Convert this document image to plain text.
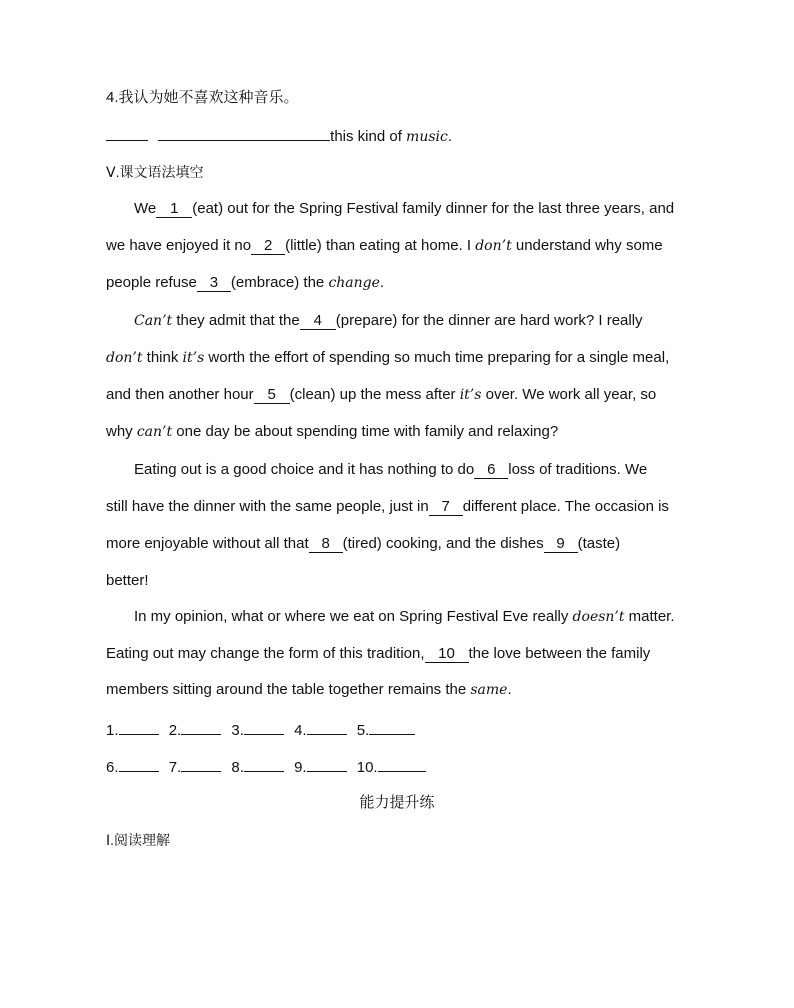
4.我认为她不喜欢这种音乐。
this kind of music.
Ⅴ.课文语法填空
We 1 (eat) out for the Spring Festival family dinner for the last three years, and
we have enjoyed it no 2 (little) than eating at home. I don’t understand why some
people refuse 3 (embrace) the change.
Can’t they admit that the 4 (prepare) for the dinner are hard work? I really
don’t think it’s worth the effort of spending so much time preparing for a single meal,
and then another hour 5 (clean) up the mess after it’s over. We work all year, so
why can’t one day be about spending time with family and relaxing?
Eating out is a good choice and it has nothing to do 6 loss of traditions. We
still have the dinner with the same people, just in 7 different place. The occasion is
more enjoyable without all that 8 (tired) cooking, and the dishes 9 (taste)
better!
In my opinion, what or where we eat on Spring Festival Eve really doesn’t matter.
Eating out may change the form of this tradition, 10 the love between the family
members sitting around the table together remains the same.
1.	2.	3.	4.	5.
6.	7.	8.	9.	10.
能力提升练
Ⅰ.阅读理解
